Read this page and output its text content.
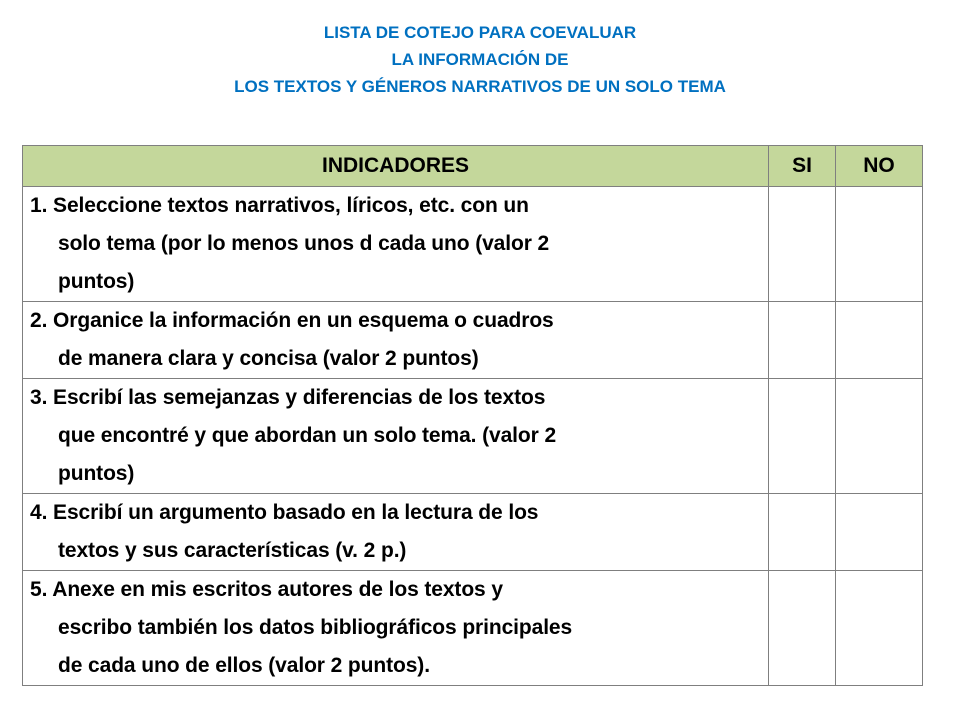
LISTA DE COTEJO PARA COEVALUAR
LA INFORMACIÓN DE
LOS TEXTOS Y GÉNEROS NARRATIVOS DE UN SOLO TEMA
INDICADORES	SI	NO

1. Seleccione textos narrativos, líricos, etc. con un
solo tema (por lo menos unos d cada uno (valor 2
puntos)		

2. Organice la información en un esquema o cuadros
de manera clara y concisa (valor 2 puntos)		

3. Escribí las semejanzas y diferencias de los textos
que encontré y que abordan un solo tema. (valor 2
puntos)		

4. Escribí un argumento basado en la lectura de los
textos y sus características (v. 2 p.)		

5. Anexe en mis escritos autores de los textos y
escribo también los datos bibliográficos principales
de cada uno de ellos (valor 2 puntos).		
